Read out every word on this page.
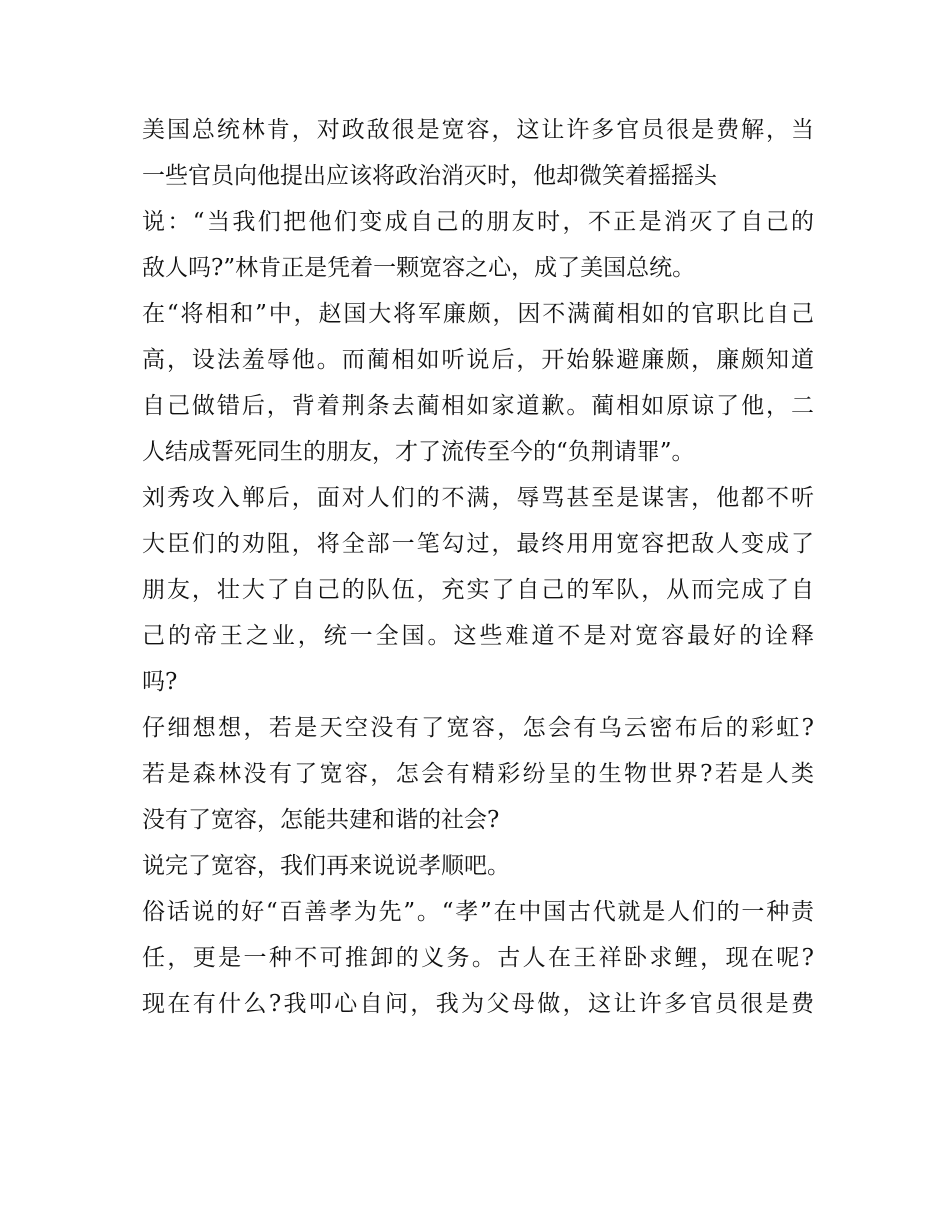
美国总统林肯，对政敌很是宽容，这让许多官员很是费解，当
一些官员向他提出应该将政治消灭时，他却微笑着摇摇头
说：“当我们把他们变成自己的朋友时，不正是消灭了自己的
敌人吗?”林肯正是凭着一颗宽容之心，成了美国总统。
在“将相和”中，赵国大将军廉颇，因不满蔺相如的官职比自己
高，设法羞辱他。而蔺相如听说后，开始躲避廉颇，廉颇知道
自己做错后，背着荆条去蔺相如家道歉。蔺相如原谅了他，二
人结成誓死同生的朋友，才了流传至今的“负荆请罪”。
刘秀攻入郸后，面对人们的不满，辱骂甚至是谋害，他都不听
大臣们的劝阻，将全部一笔勾过，最终用用宽容把敌人变成了
朋友，壮大了自己的队伍，充实了自己的军队，从而完成了自
己的帝王之业，统一全国。这些难道不是对宽容最好的诠释
吗?
仔细想想，若是天空没有了宽容，怎会有乌云密布后的彩虹?
若是森林没有了宽容，怎会有精彩纷呈的生物世界?若是人类
没有了宽容，怎能共建和谐的社会?
说完了宽容，我们再来说说孝顺吧。
俗话说的好“百善孝为先”。“孝”在中国古代就是人们的一种责
任，更是一种不可推卸的义务。古人在王祥卧求鲤，现在呢?
现在有什么?我叩心自问，我为父母做，这让许多官员很是费
